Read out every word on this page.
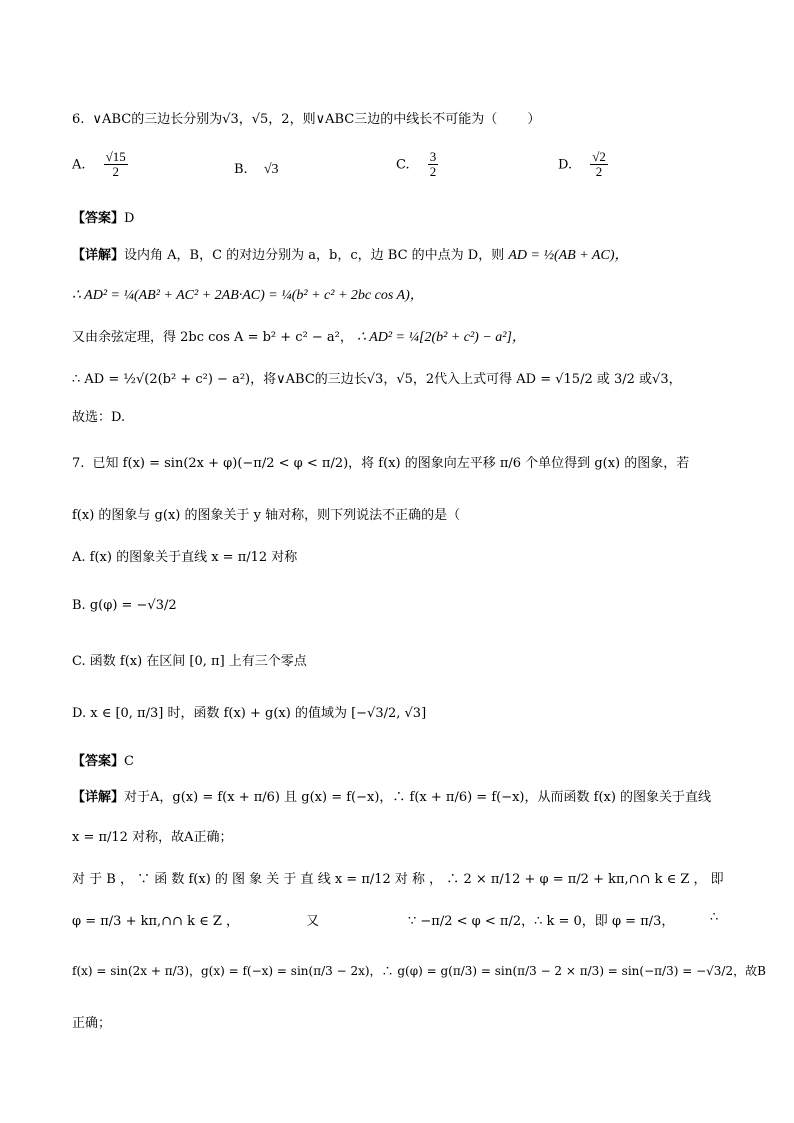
6. ∨ABC的三边长分别为√3，√5，2，则∨ABC三边的中线长不可能为（ ）
A. $\frac{√15}{2}$	B. √3	C. $\frac{3}{2}$	D. $\frac{√2}{2}$
【答案】D
【详解】设内角 A，B，C 的对边分别为 a，b，c，边 BC 的中点为 D，则 AD = ½(AB + AC)，
∴ AD² = ¼(AB² + AC² + 2AB·AC) = ¼(b² + c² + 2bc cos A)，
又由余弦定理，得 2bc cos A = b² + c² − a²， ∴ AD² = ¼[2(b² + c²) − a²]，
∴ AD = ½√(2(b² + c²) − a²)，将∨ABC的三边长√3，√5，2代入上式可得 AD = √15/2 或 3/2 或√3，
故选：D.
7. 已知 f(x) = sin(2x + φ)(−π/2 < φ < π/2)，将 f(x) 的图象向左平移 π/6 个单位得到 g(x) 的图象，若
f(x) 的图象与 g(x) 的图象关于 y 轴对称，则下列说法不正确的是（
A. f(x) 的图象关于直线 x = π/12 对称
B. g(φ) = −√3/2
C. 函数 f(x) 在区间 [0, π] 上有三个零点
D. x ∈ [0, π/3] 时，函数 f(x) + g(x) 的值域为 [−√3/2, √3]
【答案】C
【详解】对于A，g(x) = f(x + π/6) 且 g(x) = f(−x)，∴ f(x + π/6) = f(−x)，从而函数 f(x) 的图象关于直线
x = π/12 对称，故A正确；
对 于 B ， ∵ 函 数 f(x) 的 图 象 关 于 直 线 x = π/12 对 称 ， ∴ 2 × π/12 + φ = π/2 + kπ,∩∩ k ∈ Z ， 即
φ = π/3 + kπ,∩∩ k ∈ Z ，	又	∵ −π/2 < φ < π/2，∴ k = 0，即 φ = π/3，	∴
f(x) = sin(2x + π/3)，g(x) = f(−x) = sin(π/3 − 2x)，∴ g(φ) = g(π/3) = sin(π/3 − 2 × π/3) = sin(−π/3) = −√3/2，故B
正确；
